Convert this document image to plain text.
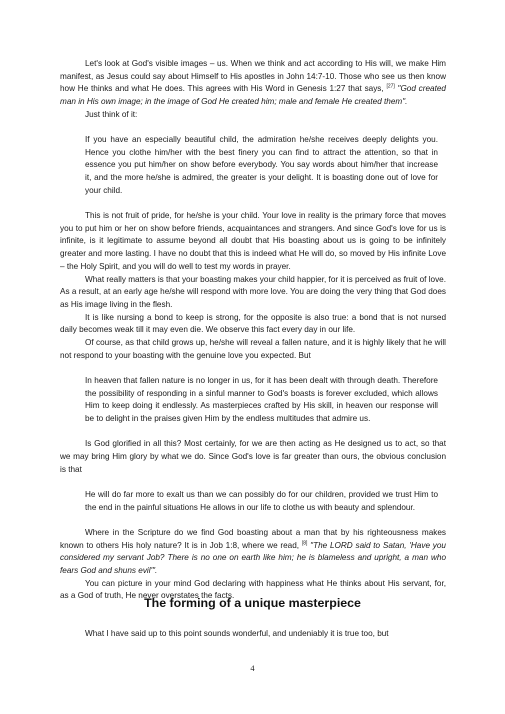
Let's look at God's visible images – us. When we think and act according to His will, we make Him manifest, as Jesus could say about Himself to His apostles in John 14:7-10. Those who see us then know how He thinks and what He does. This agrees with His Word in Genesis 1:27 that says, [27] "God created man in His own image; in the image of God He created him; male and female He created them".

Just think of it:

If you have an especially beautiful child, the admiration he/she receives deeply delights you. Hence you clothe him/her with the best finery you can find to attract the attention, so that in essence you put him/her on show before everybody. You say words about him/her that increase it, and the more he/she is admired, the greater is your delight. It is boasting done out of love for your child.

This is not fruit of pride, for he/she is your child. Your love in reality is the primary force that moves you to put him or her on show before friends, acquaintances and strangers. And since God's love for us is infinite, is it legitimate to assume beyond all doubt that His boasting about us is going to be infinitely greater and more lasting. I have no doubt that this is indeed what He will do, so moved by His infinite Love – the Holy Spirit, and you will do well to test my words in prayer.

What really matters is that your boasting makes your child happier, for it is perceived as fruit of love. As a result, at an early age he/she will respond with more love. You are doing the very thing that God does as His image living in the flesh.

It is like nursing a bond to keep is strong, for the opposite is also true: a bond that is not nursed daily becomes weak till it may even die. We observe this fact every day in our life.

Of course, as that child grows up, he/she will reveal a fallen nature, and it is highly likely that he will not respond to your boasting with the genuine love you expected. But

In heaven that fallen nature is no longer in us, for it has been dealt with through death. Therefore the possibility of responding in a sinful manner to God's boasts is forever excluded, which allows Him to keep doing it endlessly. As masterpieces crafted by His skill, in heaven our response will be to delight in the praises given Him by the endless multitudes that admire us.

Is God glorified in all this? Most certainly, for we are then acting as He designed us to act, so that we may bring Him glory by what we do. Since God's love is far greater than ours, the obvious conclusion is that

He will do far more to exalt us than we can possibly do for our children, provided we trust Him to the end in the painful situations He allows in our life to clothe us with beauty and splendour.

Where in the Scripture do we find God boasting about a man that by his righteousness makes known to others His holy nature? It is in Job 1:8, where we read, [8] "The LORD said to Satan, 'Have you considered my servant Job? There is no one on earth like him; he is blameless and upright, a man who fears God and shuns evil'".

You can picture in your mind God declaring with happiness what He thinks about His servant, for, as a God of truth, He never overstates the facts.

The forming of a unique masterpiece

What I have said up to this point sounds wonderful, and undeniably it is true too, but

4
